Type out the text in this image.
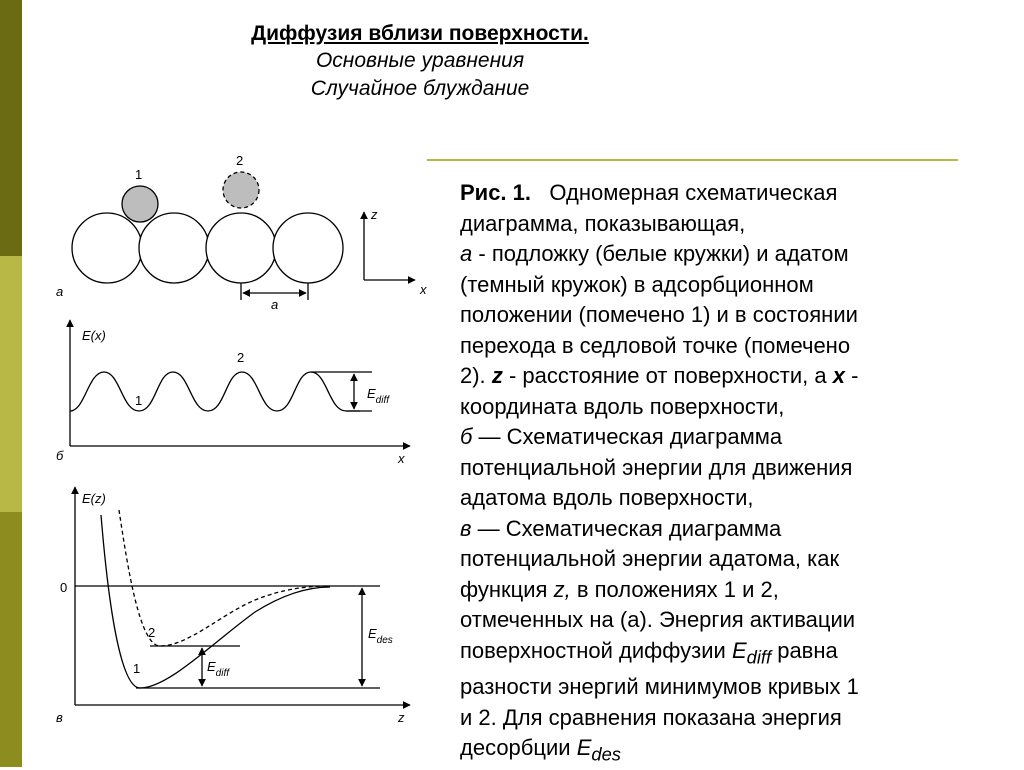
Диффузия вблизи поверхности.
Основные уравнения
Случайное блуждание
Рис. 1. Одномерная схематическая
диаграмма, показывающая,
а - подложку (белые кружки) и адатом
(темный кружок) в адсорбционном
положении (помечено 1) и в состоянии
перехода в седловой точке (помечено
2). z - расстояние от поверхности, а x -
координата вдоль поверхности,
б — Схематическая диаграмма
потенциальной энергии для движения
адатома вдоль поверхности,
в — Схематическая диаграмма
потенциальной энергии адатома, как
функция z, в положениях 1 и 2,
отмеченных на (а). Энергия активации
поверхностной диффузии $E_{diff}$ равна
разности энергий минимумов кривых 1
и 2. Для сравнения показана энергия
десорбции $E_{des}$
а
1
2
z
x
a
E(x)
x
б
1
2
$E_{diff}$
E(z)
z
0
в
1
2
$E_{diff}$
$E_{des}$
